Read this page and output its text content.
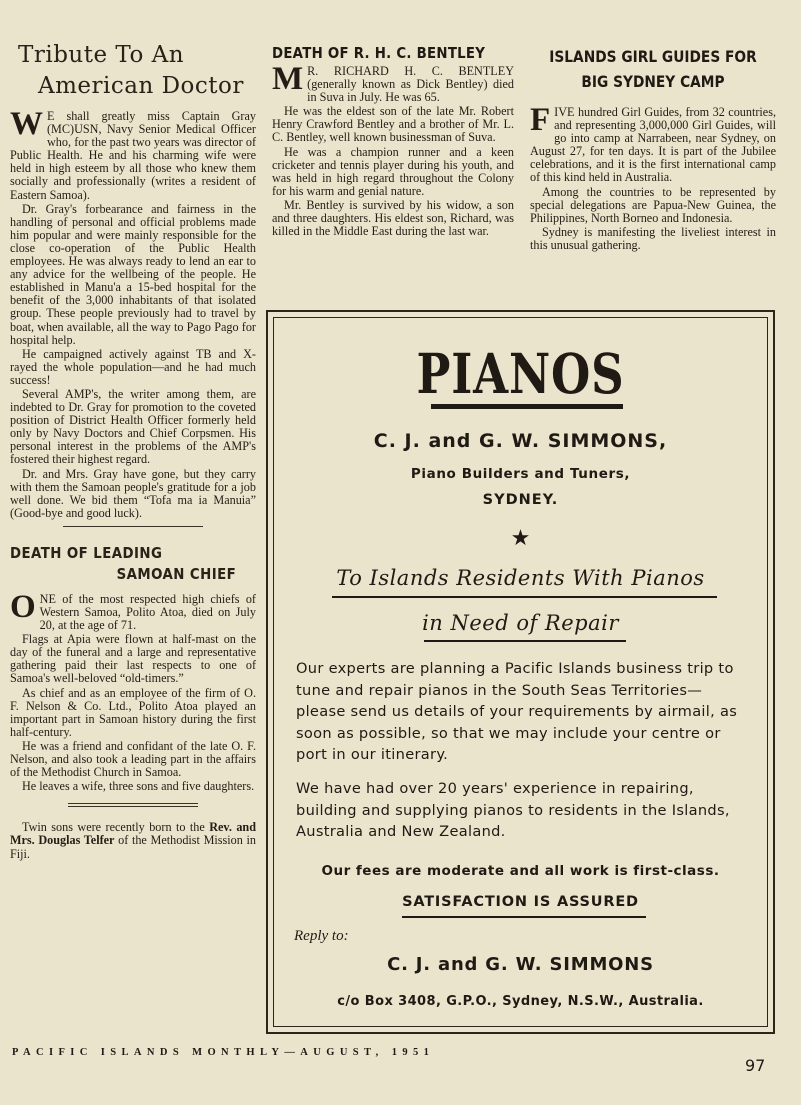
Tribute To An
American Doctor

W E shall greatly miss Captain Gray (MC)USN, Navy Senior Medical Officer who, for the past two years was director of Public Health. He and his charming wife were held in high esteem by all those who knew them socially and professionally (writes a resident of Eastern Samoa).

Dr. Gray's forbearance and fairness in the handling of personal and official problems made him popular and were mainly responsible for the close co-operation of the Public Health employees. He was always ready to lend an ear to any advice for the wellbeing of the people. He established in Manu'a a 15-bed hospital for the benefit of the 3,000 inhabitants of that isolated group. These people previously had to travel by boat, when available, all the way to Pago Pago for hospital help.

He campaigned actively against TB and X-rayed the whole population—and he had much success!

Several AMP's, the writer among them, are indebted to Dr. Gray for promotion to the coveted position of District Health Officer formerly held only by Navy Doctors and Chief Corpsmen. His personal interest in the problems of the AMP's fostered their highest regard.

Dr. and Mrs. Gray have gone, but they carry with them the Samoan people's gratitude for a job well done. We bid them “Tofa ma ia Manuia” (Good-bye and good luck).

DEATH OF LEADING
SAMOAN CHIEF

ONE of the most respected high chiefs of Western Samoa, Polito Atoa, died on July 20, at the age of 71.

Flags at Apia were flown at half-mast on the day of the funeral and a large and representative gathering paid their last respects to one of Samoa's well-beloved “old-timers.”

As chief and as an employee of the firm of O. F. Nelson & Co. Ltd., Polito Atoa played an important part in Samoan history during the first half-century.

He was a friend and confidant of the late O. F. Nelson, and also took a leading part in the affairs of the Methodist Church in Samoa.

He leaves a wife, three sons and five daughters.

Twin sons were recently born to the Rev. and Mrs. Douglas Telfer of the Methodist Mission in Fiji.

DEATH OF R. H. C. BENTLEY

M R. RICHARD H. C. BENTLEY (generally known as Dick Bentley) died in Suva in July. He was 65.

He was the eldest son of the late Mr. Robert Henry Crawford Bentley and a brother of Mr. L. C. Bentley, well known businessman of Suva.

He was a champion runner and a keen cricketer and tennis player during his youth, and was held in high regard throughout the Colony for his warm and genial nature.

Mr. Bentley is survived by his widow, a son and three daughters. His eldest son, Richard, was killed in the Middle East during the last war.

ISLANDS GIRL GUIDES FOR
BIG SYDNEY CAMP

FIVE hundred Girl Guides, from 32 countries, and representing 3,000,000 Girl Guides, will go into camp at Narrabeen, near Sydney, on August 27, for ten days. It is part of the Jubilee celebrations, and it is the first international camp of this kind held in Australia.

Among the countries to be represented by special delegations are Papua-New Guinea, the Philippines, North Borneo and Indonesia.

Sydney is manifesting the liveliest interest in this unusual gathering.

PIANOS
C. J. and G. W. SIMMONS,
Piano Builders and Tuners,
SYDNEY.
★
To Islands Residents With Pianos
in Need of Repair
Our experts are planning a Pacific Islands business trip to tune and repair pianos in the South Seas Territories—please send us details of your requirements by airmail, as soon as possible, so that we may include your centre or port in our itinerary.
We have had over 20 years' experience in repairing, building and supplying pianos to residents in the Islands, Australia and New Zealand.
Our fees are moderate and all work is first-class.
SATISFACTION IS ASSURED
Reply to:
C. J. and G. W. SIMMONS
c/o Box 3408, G.P.O., Sydney, N.S.W., Australia.
PACIFIC ISLANDS MONTHLY—AUGUST, 1951
97
